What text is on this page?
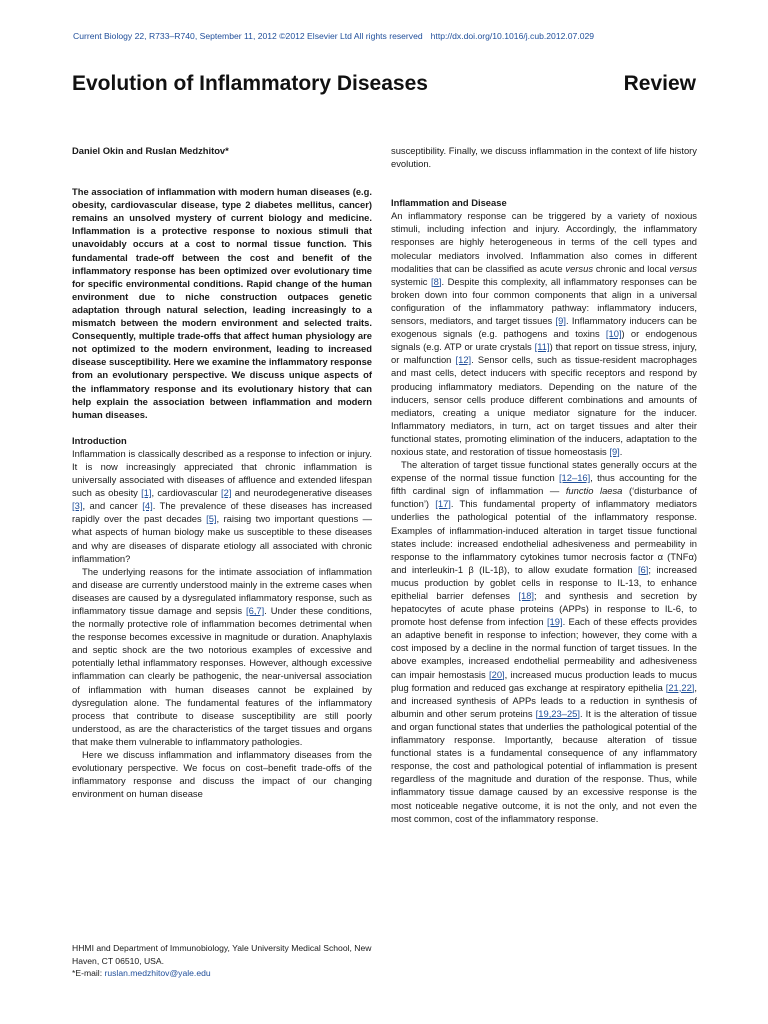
Current Biology 22, R733–R740, September 11, 2012 ©2012 Elsevier Ltd All rights reserved http://dx.doi.org/10.1016/j.cub.2012.07.029
Evolution of Inflammatory Diseases	Review
Daniel Okin and Ruslan Medzhitov*
The association of inflammation with modern human diseases (e.g. obesity, cardiovascular disease, type 2 diabetes mellitus, cancer) remains an unsolved mystery of current biology and medicine. Inflammation is a protective response to noxious stimuli that unavoidably occurs at a cost to normal tissue function. This fundamental trade-off between the cost and benefit of the inflammatory response has been optimized over evolutionary time for specific environmental conditions. Rapid change of the human environment due to niche construction outpaces genetic adaptation through natural selection, leading increasingly to a mismatch between the modern environment and selected traits. Consequently, multiple trade-offs that affect human physiology are not optimized to the modern environment, leading to increased disease susceptibility. Here we examine the inflammatory response from an evolutionary perspective. We discuss unique aspects of the inflammatory response and its evolutionary history that can help explain the association between inflammation and modern human diseases.
Introduction
Inflammation is classically described as a response to infection or injury. It is now increasingly appreciated that chronic inflammation is universally associated with diseases of affluence and extended lifespan such as obesity [1], cardiovascular [2] and neurodegenerative diseases [3], and cancer [4]. The prevalence of these diseases has increased rapidly over the past decades [5], raising two important questions — what aspects of human biology make us susceptible to these diseases and why are diseases of disparate etiology all associated with chronic inflammation?
The underlying reasons for the intimate association of inflammation and disease are currently understood mainly in the extreme cases when diseases are caused by a dysregulated inflammatory response, such as inflammatory tissue damage and sepsis [6,7]. Under these conditions, the normally protective role of inflammation becomes detrimental when the response becomes excessive in magnitude or duration. Anaphylaxis and septic shock are the two notorious examples of excessive and potentially lethal inflammatory responses. However, although excessive inflammation can clearly be pathogenic, the near-universal association of inflammation with human diseases cannot be explained by dysregulation alone. The fundamental features of the inflammatory process that contribute to disease susceptibility are still poorly understood, as are the characteristics of the target tissues and organs that make them vulnerable to inflammatory pathologies.
Here we discuss inflammation and inflammatory diseases from the evolutionary perspective. We focus on cost–benefit trade-offs of the inflammatory response and discuss the impact of our changing environment on human disease
susceptibility. Finally, we discuss inflammation in the context of life history evolution.
Inflammation and Disease
An inflammatory response can be triggered by a variety of noxious stimuli, including infection and injury. Accordingly, the inflammatory responses are highly heterogeneous in terms of the cell types and molecular mediators involved. Inflammation also comes in different modalities that can be classified as acute versus chronic and local versus systemic [8]. Despite this complexity, all inflammatory responses can be broken down into four common components that align in a universal configuration of the inflammatory pathway: inflammatory inducers, sensors, mediators, and target tissues [9]. Inflammatory inducers can be exogenous signals (e.g. pathogens and toxins [10]) or endogenous signals (e.g. ATP or urate crystals [11]) that report on tissue stress, injury, or malfunction [12]. Sensor cells, such as tissue-resident macrophages and mast cells, detect inducers with specific receptors and respond by producing inflammatory mediators. Depending on the nature of the inducers, sensor cells produce different combinations and amounts of mediators, creating a unique mediator signature for the inducer. Inflammatory mediators, in turn, act on target tissues and alter their functional states, promoting elimination of the inducers, adaptation to the noxious state, and restoration of tissue homeostasis [9].
The alteration of target tissue functional states generally occurs at the expense of the normal tissue function [12–16], thus accounting for the fifth cardinal sign of inflammation — functio laesa (‘disturbance of function’) [17]. This fundamental property of inflammatory mediators underlies the pathological potential of the inflammatory response. Examples of inflammation-induced alteration in target tissue functional states include: increased endothelial adhesiveness and permeability in response to the inflammatory cytokines tumor necrosis factor α (TNFα) and interleukin-1 β (IL-1β), to allow exudate formation [6]; increased mucus production by goblet cells in response to IL-13, to enhance epithelial barrier defenses [18]; and synthesis and secretion by hepatocytes of acute phase proteins (APPs) in response to IL-6, to promote host defense from infection [19]. Each of these effects provides an adaptive benefit in response to infection; however, they come with a cost imposed by a decline in the normal function of target tissues. In the above examples, increased endothelial permeability and adhesiveness can impair hemostasis [20], increased mucus production leads to mucus plug formation and reduced gas exchange at respiratory epithelia [21,22], and increased synthesis of APPs leads to a reduction in synthesis of albumin and other serum proteins [19,23–25]. It is the alteration of tissue and organ functional states that underlies the pathological potential of the inflammatory response. Importantly, because alteration of tissue functional states is a fundamental consequence of any inflammatory response, the cost and pathological potential of inflammation is present regardless of the magnitude and duration of the response. Thus, while inflammatory tissue damage caused by an excessive response is the most noticeable negative outcome, it is not the only, and not even the most common, cost of the inflammatory response.
HHMI and Department of Immunobiology, Yale University Medical School, New Haven, CT 06510, USA.
*E-mail: ruslan.medzhitov@yale.edu
